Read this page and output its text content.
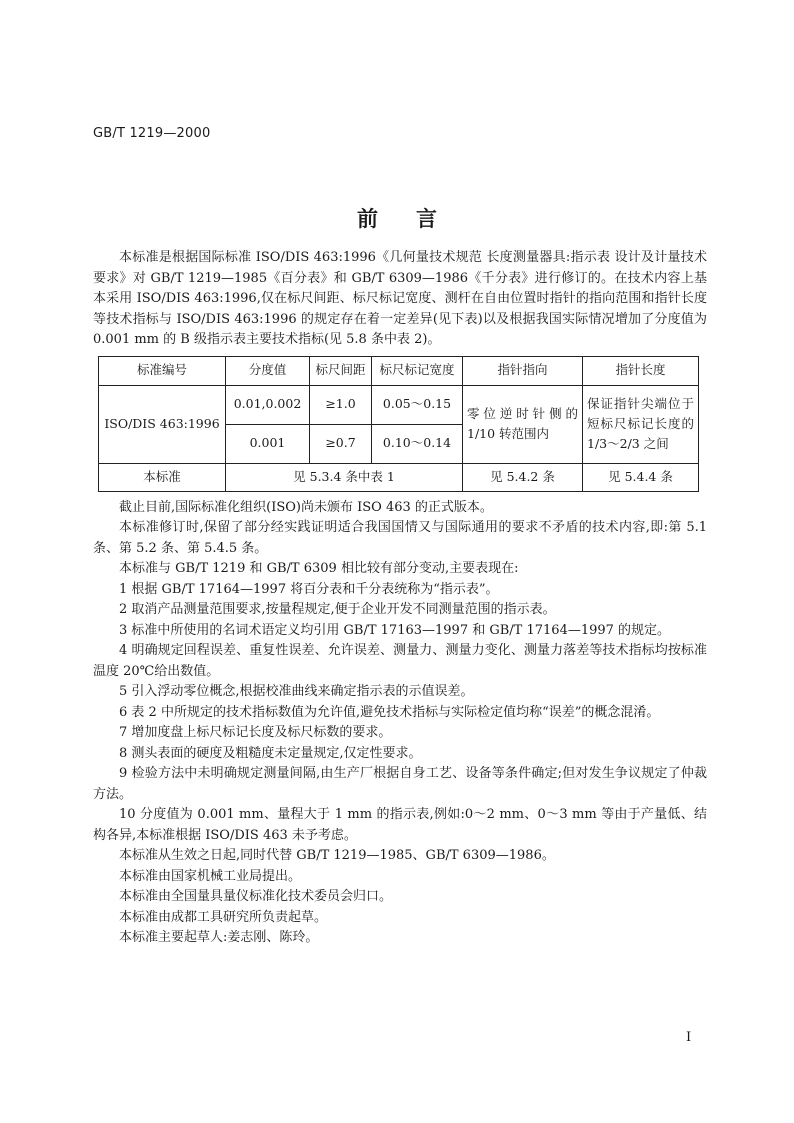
GB/T 1219—2000
前言

本标准是根据国际标准 ISO/DIS 463:1996《几何量技术规范 长度测量器具:指示表 设计及计量技术要求》对 GB/T 1219—1985《百分表》和 GB/T 6309—1986《千分表》进行修订的。在技术内容上基本采用 ISO/DIS 463:1996,仅在标尺间距、标尺标记宽度、测杆在自由位置时指针的指向范围和指针长度等技术指标与 ISO/DIS 463:1996 的规定存在着一定差异(见下表)以及根据我国实际情况增加了分度值为 0.001 mm 的 B 级指示表主要技术指标(见 5.8 条中表 2)。

标准编号	分度值	标尺间距	标尺标记宽度	指针指向	指针长度
ISO/DIS 463:1996	0.01,0.002	≥1.0	0.05～0.15	零位逆时针侧的 1/10 转范围内	保证指针尖端位于短标尺标记长度的 1/3～2/3 之间
	0.001	≥0.7	0.10～0.14		
本标准	见 5.3.4 条中表 1			见 5.4.2 条	见 5.4.4 条

截止目前,国际标准化组织(ISO)尚未颁布 ISO 463 的正式版本。

本标准修订时,保留了部分经实践证明适合我国国情又与国际通用的要求不矛盾的技术内容,即:第 5.1 条、第 5.2 条、第 5.4.5 条。

本标准与 GB/T 1219 和 GB/T 6309 相比较有部分变动,主要表现在:

1 根据 GB/T 17164—1997 将百分表和千分表统称为“指示表”。

2 取消产品测量范围要求,按量程规定,便于企业开发不同测量范围的指示表。

3 标准中所使用的名词术语定义均引用 GB/T 17163—1997 和 GB/T 17164—1997 的规定。

4 明确规定回程误差、重复性误差、允许误差、测量力、测量力变化、测量力落差等技术指标均按标准温度 20℃给出数值。

5 引入浮动零位概念,根据校准曲线来确定指示表的示值误差。

6 表 2 中所规定的技术指标数值为允许值,避免技术指标与实际检定值均称“误差”的概念混淆。

7 增加度盘上标尺标记长度及标尺标数的要求。

8 测头表面的硬度及粗糙度未定量规定,仅定性要求。

9 检验方法中未明确规定测量间隔,由生产厂根据自身工艺、设备等条件确定;但对发生争议规定了仲裁方法。

10 分度值为 0.001 mm、量程大于 1 mm 的指示表,例如:0～2 mm、0～3 mm 等由于产量低、结构各异,本标准根据 ISO/DIS 463 未予考虑。

本标准从生效之日起,同时代替 GB/T 1219—1985、GB/T 6309—1986。

本标准由国家机械工业局提出。

本标准由全国量具量仪标准化技术委员会归口。

本标准由成都工具研究所负责起草。

本标准主要起草人:姜志刚、陈玲。

I
